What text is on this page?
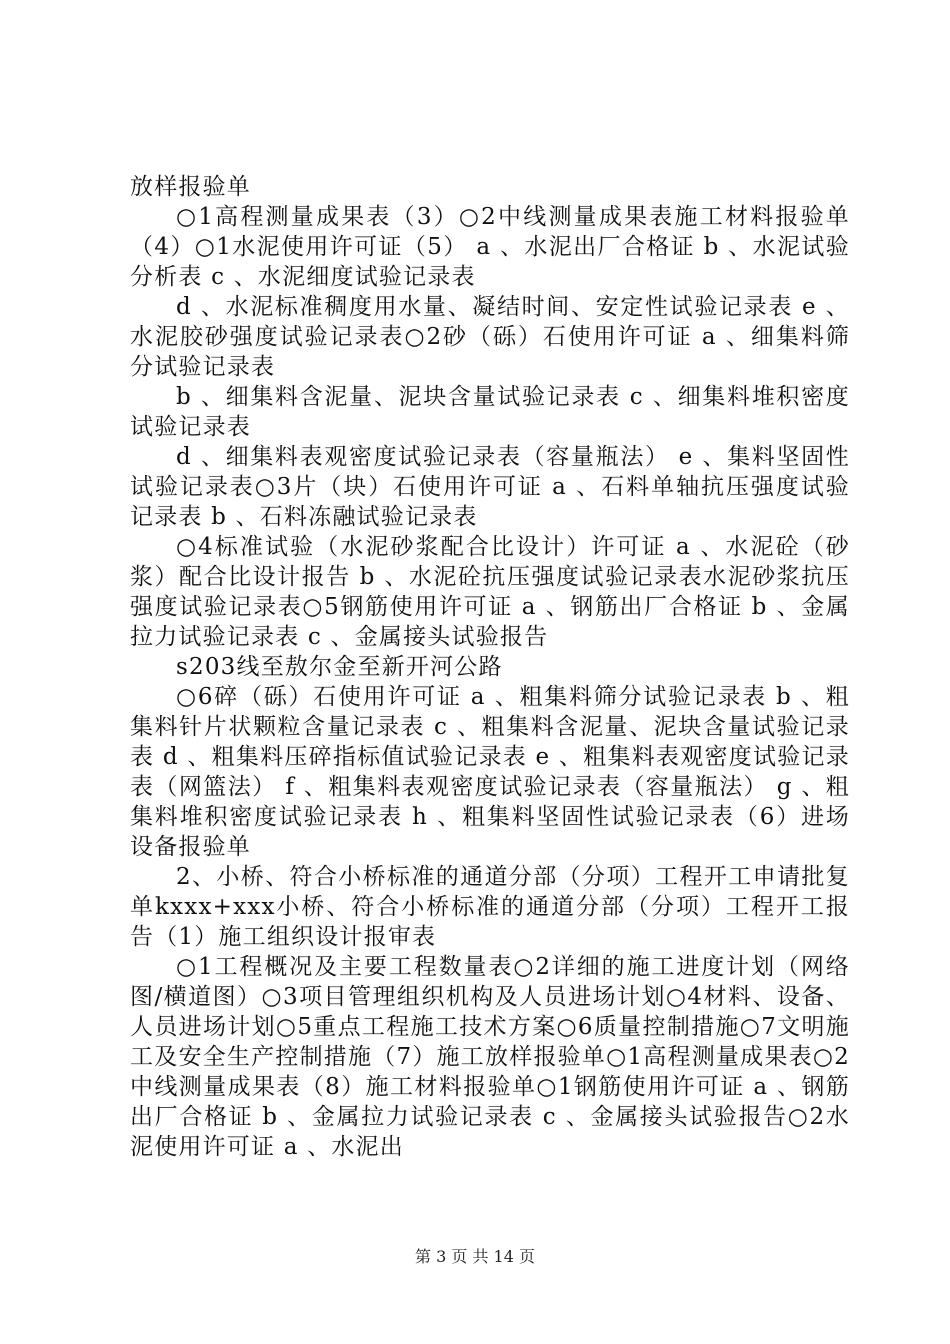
放样报验单

○1高程测量成果表（3）○2中线测量成果表施工材料报验单（4）○1水泥使用许可证（5） a 、水泥出厂合格证 b 、水泥试验分析表 c 、水泥细度试验记录表

d 、水泥标准稠度用水量、凝结时间、安定性试验记录表 e 、水泥胶砂强度试验记录表○2砂（砾）石使用许可证 a 、细集料筛分试验记录表

b 、细集料含泥量、泥块含量试验记录表 c 、细集料堆积密度试验记录表

d 、细集料表观密度试验记录表（容量瓶法） e 、集料坚固性试验记录表○3片（块）石使用许可证 a 、石料单轴抗压强度试验记录表 b 、石料冻融试验记录表

○4标准试验（水泥砂浆配合比设计）许可证 a 、水泥砼（砂浆）配合比设计报告 b 、水泥砼抗压强度试验记录表水泥砂浆抗压强度试验记录表○5钢筋使用许可证 a 、钢筋出厂合格证 b 、金属拉力试验记录表 c 、金属接头试验报告

s203线至敖尔金至新开河公路

○6碎（砾）石使用许可证 a 、粗集料筛分试验记录表 b 、粗集料针片状颗粒含量记录表 c 、粗集料含泥量、泥块含量试验记录表 d 、粗集料压碎指标值试验记录表 e 、粗集料表观密度试验记录表（网篮法） f 、粗集料表观密度试验记录表（容量瓶法） g 、粗集料堆积密度试验记录表 h 、粗集料坚固性试验记录表（6）进场设备报验单

2、小桥、符合小桥标准的通道分部（分项）工程开工申请批复单kxxx+xxx小桥、符合小桥标准的通道分部（分项）工程开工报告（1）施工组织设计报审表

○1工程概况及主要工程数量表○2详细的施工进度计划（网络图/横道图）○3项目管理组织机构及人员进场计划○4材料、设备、人员进场计划○5重点工程施工技术方案○6质量控制措施○7文明施工及安全生产控制措施（7）施工放样报验单○1高程测量成果表○2中线测量成果表（8）施工材料报验单○1钢筋使用许可证 a 、钢筋出厂合格证 b 、金属拉力试验记录表 c 、金属接头试验报告○2水泥使用许可证 a 、水泥出

第 3 页 共 14 页
